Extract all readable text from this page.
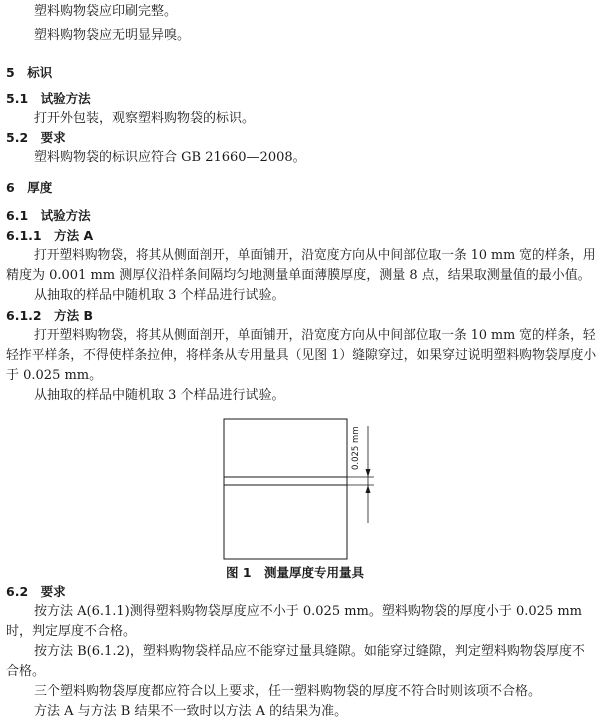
塑料购物袋应印刷完整。
塑料购物袋应无明显异嗅。
5　标识
5.1　试验方法
打开外包装，观察塑料购物袋的标识。
5.2　要求
塑料购物袋的标识应符合 GB 21660—2008。
6　厚度
6.1　试验方法
6.1.1　方法 A
打开塑料购物袋，将其从侧面剖开，单面铺开，沿宽度方向从中间部位取一条 10 mm 宽的样条，用
精度为 0.001 mm 测厚仪沿样条间隔均匀地测量单面薄膜厚度，测量 8 点，结果取测量值的最小值。
从抽取的样品中随机取 3 个样品进行试验。
6.1.2　方法 B
打开塑料购物袋，将其从侧面剖开，单面铺开，沿宽度方向从中间部位取一条 10 mm 宽的样条，轻
轻拃平样条，不得使样条拉伸，将样条从专用量具（见图 1）缝隙穿过，如果穿过说明塑料购物袋厚度小
于 0.025 mm。
从抽取的样品中随机取 3 个样品进行试验。
0.025 mm
图 1　测量厚度专用量具
6.2　要求
按方法 A(6.1.1)测得塑料购物袋厚度应不小于 0.025 mm。塑料购物袋的厚度小于 0.025 mm
时，判定厚度不合格。
按方法 B(6.1.2)，塑料购物袋样品应不能穿过量具缝隙。如能穿过缝隙，判定塑料购物袋厚度不
合格。
三个塑料购物袋厚度都应符合以上要求，任一塑料购物袋的厚度不符合时则该项不合格。
方法 A 与方法 B 结果不一致时以方法 A 的结果为准。
